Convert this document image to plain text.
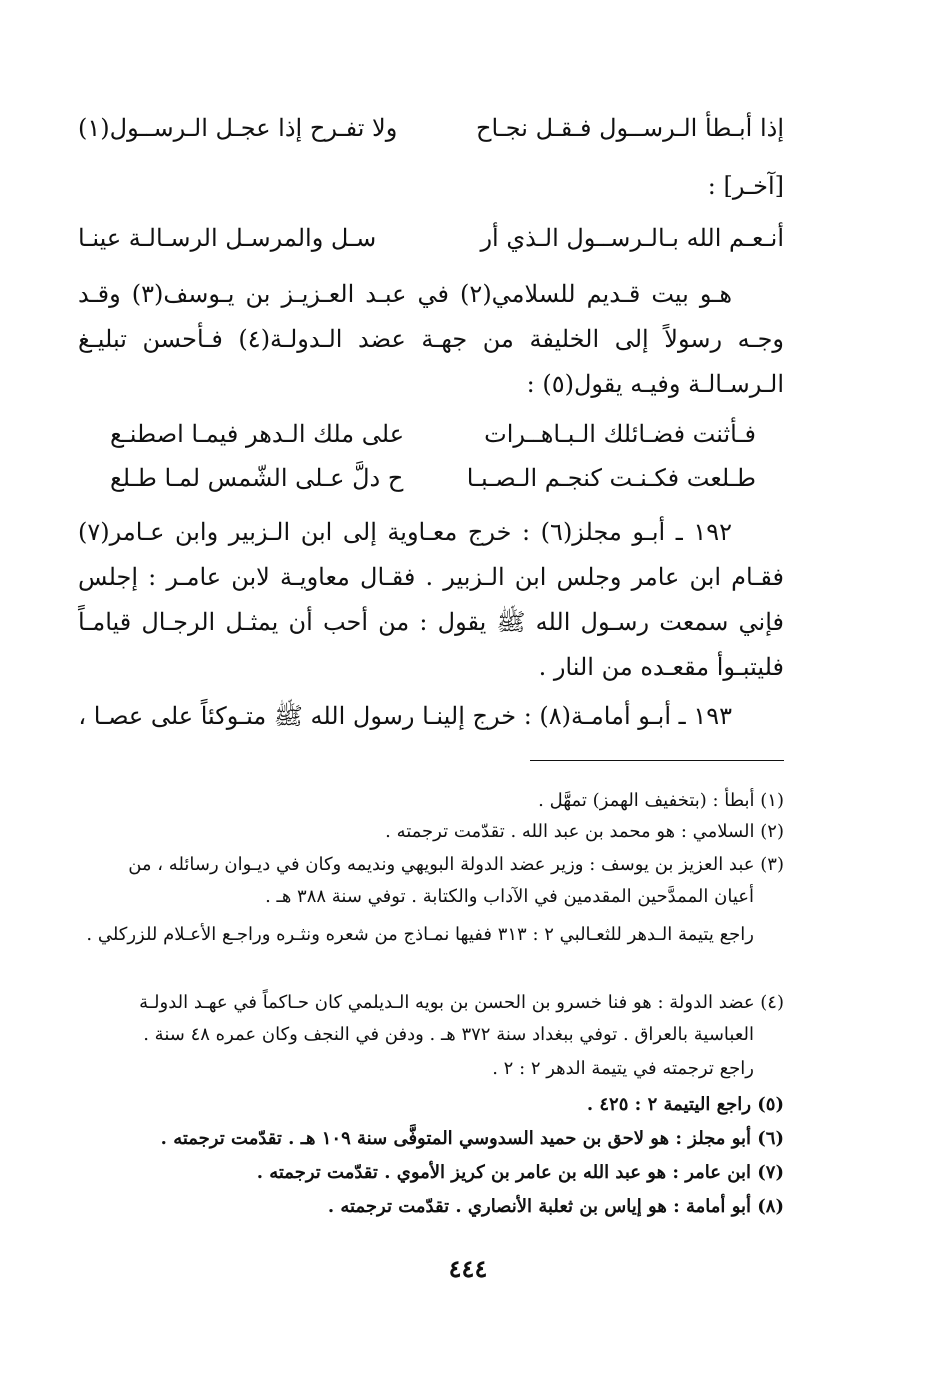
إذا أبـطأ الـرســول فـقـل نجـاح
ولا تفـرح إذا عجـل الـرســول(١)
[آخـر] :
أنـعـم الله بـالـرســول الـذي أر
سـل والمرسـل الرسـالـة عينـا
هـو بيت قـديم للسلامي(٢) في عبـد العـزيـز بن يـوسف(٣) وقـد وجـه رسولاً إلى الخليفة من جهـة عضد الـدولـة(٤) فـأحسن تبليـغ الـرسـالـة وفيـه يقول(٥) :
فـأثنت فضـائلك الـبـاهــرات
على ملك الـدهر فيمـا اصطنـع
طـلعت فكـنـت كنجـم الـصـبـا
ح دلَّ عـلى الشّمس لمـا طـلع
١٩٢ ـ أبـو مجلز(٦) : خرج معـاوية إلى ابن الـزبير وابن عـامر(٧) فقـام ابن عامر وجلس ابن الـزبير . فقـال معاويـة لابن عامـر : إجلس فإني سمعت رسـول الله ﷺ يقول : من أحب أن يمثـل الرجـال قيامـاً فليتبـوأ مقعـده من النار .
١٩٣ ـ أبـو أمامـة(٨) : خرج إلينـا رسول الله ﷺ متـوكئاً على عصـا ،
(١) أبطأ : (بتخفيف الهمز) تمهَّل .
(٢) السلامي : هو محمد بن عبد الله . تقدّمت ترجمته .
(٣) عبد العزيز بن يوسف : وزير عضد الدولة البويهي ونديمه وكان في ديـوان رسائله ، من
أعيان الممدَّحين المقدمين في الآداب والكتابة . توفي سنة ٣٨٨ هـ .
راجع يتيمة الـدهر للثعـالبي ٢ : ٣١٣ ففيها نمـاذج من شعره ونثـره وراجـع الأعـلام للزركلي .
(٤) عضد الدولة : هو فنا خسرو بن الحسن بن بويه الـديلمي كان حـاكماً في عهـد الدولـة
العباسية بالعراق . توفي ببغداد سنة ٣٧٢ هـ . ودفن في النجف وكان عمره ٤٨ سنة .
راجع ترجمته في يتيمة الدهر ٢ : ٢ .
(٥) راجع اليتيمة ٢ : ٤٢٥ .
(٦) أبو مجلز : هو لاحق بن حميد السدوسي المتوفَّى سنة ١٠٩ هـ . تقدّمت ترجمته .
(٧) ابن عامر : هو عبد الله بن عامر بن كريز الأموي . تقدّمت ترجمته .
(٨) أبو أمامة : هو إياس بن ثعلبة الأنصاري . تقدّمت ترجمته .
٤٤٤
